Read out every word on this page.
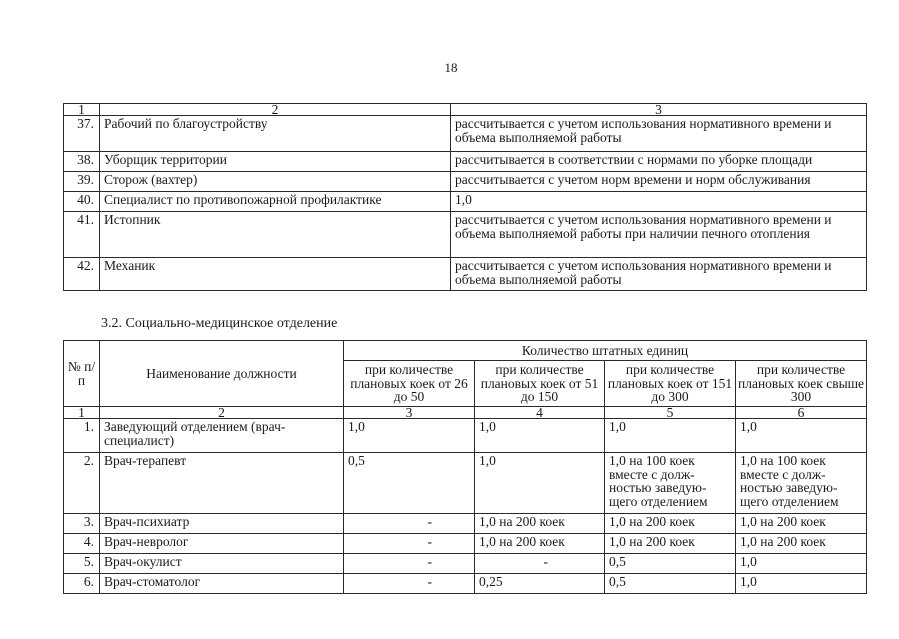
18
1	2	3
37.	Рабочий по благоустройству	рассчитывается с учетом использования нормативного времени и объема выполняемой работы
38.	Уборщик территории	рассчитывается в соответствии с нормами по уборке площади
39.	Сторож (вахтер)	рассчитывается с учетом норм времени и норм обслуживания
40.	Специалист по противопожарной профилактике	1,0
41.	Истопник	рассчитывается с учетом использования нормативного времени и объема выполняемой работы при наличии печного отопления
42.	Механик	рассчитывается с учетом использования нормативного времени и объема выполняемой работы
3.2. Социально-медицинское отделение
№ п/п	Наименование должности	Количество штатных единиц			
		при количестве плановых коек от 26 до 50	при количестве плановых коек от 51 до 150	при количестве плановых коек от 151 до 300	при количестве плановых коек свыше 300
1	2	3	4	5	6
1.	Заведующий отделением (врач-специалист)	1,0	1,0	1,0	1,0
2.	Врач-терапевт	0,5	1,0	1,0 на 100 коек вместе с долж-ностью заведую-щего отделением	1,0 на 100 коек вместе с долж-ностью заведую-щего отделением
3.	Врач-психиатр	-	1,0 на 200 коек	1,0 на 200 коек	1,0 на 200 коек
4.	Врач-невролог	-	1,0 на 200 коек	1,0 на 200 коек	1,0 на 200 коек
5.	Врач-окулист	-	-	0,5	1,0
6.	Врач-стоматолог	-	0,25	0,5	1,0
